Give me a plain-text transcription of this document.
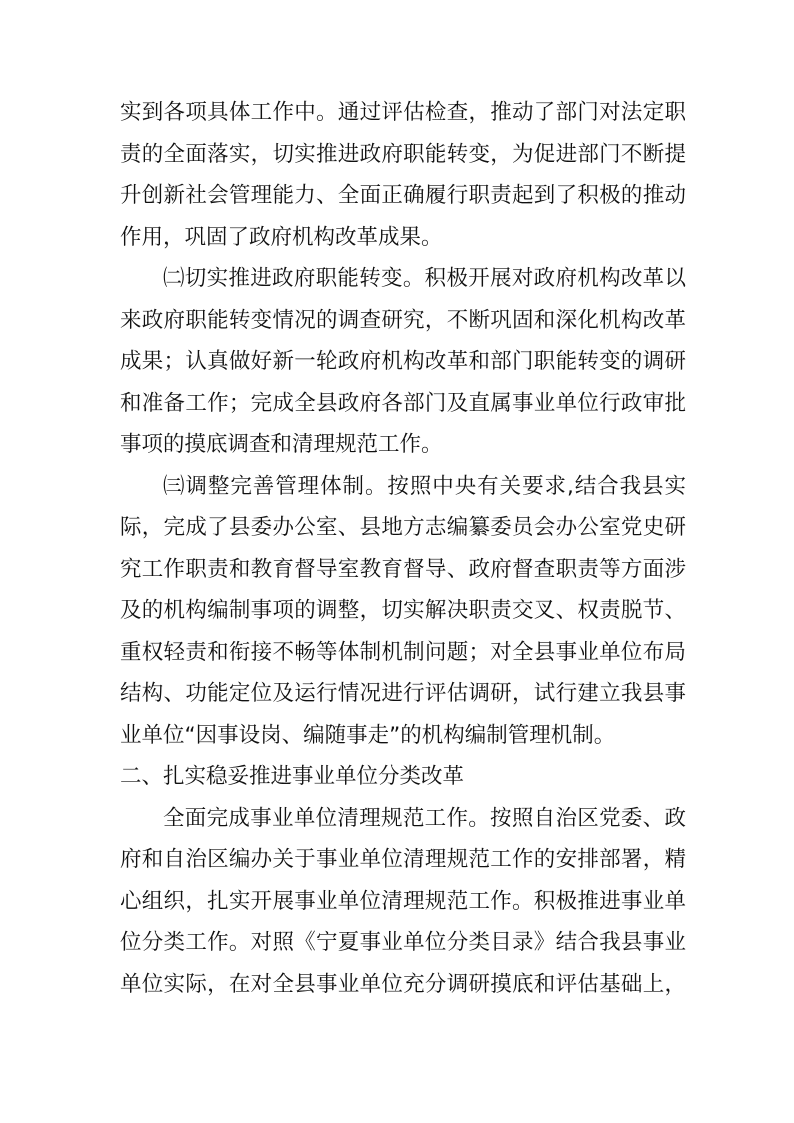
实到各项具体工作中。通过评估检查，推动了部门对法定职
责的全面落实，切实推进政府职能转变，为促进部门不断提
升创新社会管理能力、全面正确履行职责起到了积极的推动
作用，巩固了政府机构改革成果。
㈡切实推进政府职能转变。积极开展对政府机构改革以
来政府职能转变情况的调查研究，不断巩固和深化机构改革
成果；认真做好新一轮政府机构改革和部门职能转变的调研
和准备工作；完成全县政府各部门及直属事业单位行政审批
事项的摸底调查和清理规范工作。
㈢调整完善管理体制。按照中央有关要求,结合我县实
际，完成了县委办公室、县地方志编纂委员会办公室党史研
究工作职责和教育督导室教育督导、政府督查职责等方面涉
及的机构编制事项的调整，切实解决职责交叉、权责脱节、
重权轻责和衔接不畅等体制机制问题；对全县事业单位布局
结构、功能定位及运行情况进行评估调研，试行建立我县事
业单位“因事设岗、编随事走”的机构编制管理机制。
二、扎实稳妥推进事业单位分类改革
全面完成事业单位清理规范工作。按照自治区党委、政
府和自治区编办关于事业单位清理规范工作的安排部署，精
心组织，扎实开展事业单位清理规范工作。积极推进事业单
位分类工作。对照《宁夏事业单位分类目录》结合我县事业
单位实际，在对全县事业单位充分调研摸底和评估基础上，
